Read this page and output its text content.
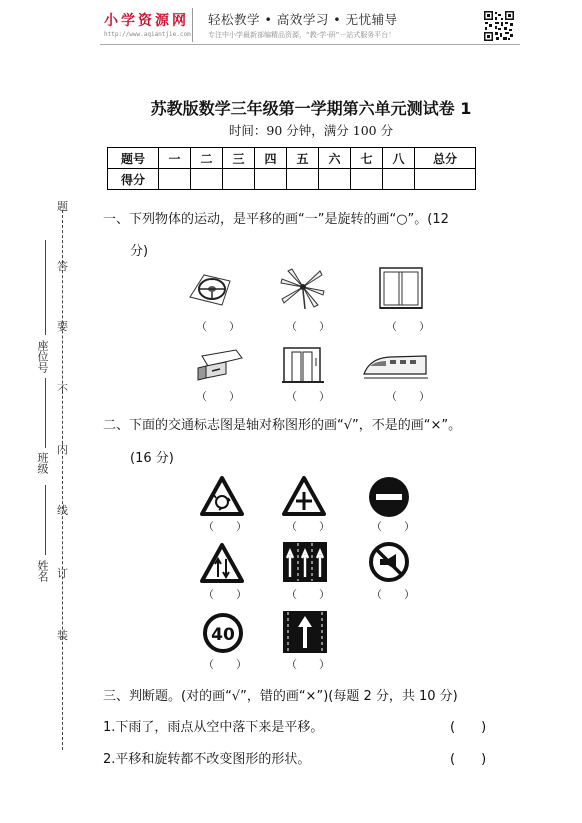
小学资源网
http://www.aqiantjie.com
轻松教学 • 高效学习 • 无忧辅导
专注中小学最新部编精品资源，“教-学-研”一站式服务平台！
题
答
要
不
内
线
订
装
座位号
班级
姓名
苏教版数学三年级第一学期第六单元测试卷 1
时间：90 分钟，满分 100 分
题号	一	二	三	四	五	六	七	八	总分
得分									
一、下列物体的运动，是平移的画“一”是旋转的画“○”。(12
分)
（　　）	（　　）	（　　）
（　　）	（　　）	（　　）
二、下面的交通标志图是轴对称图形的画“√”，不是的画“×”。
(16 分)
（　　）	（　　）	（　　）
（　　）	（　　）	（　　）
40
（　　）	（　　）
三、判断题。(对的画“√”，错的画“×”)(每题 2 分，共 10 分)
1.下雨了，雨点从空中落下来是平移。	(　　)
2.平移和旋转都不改变图形的形状。	(　　)
